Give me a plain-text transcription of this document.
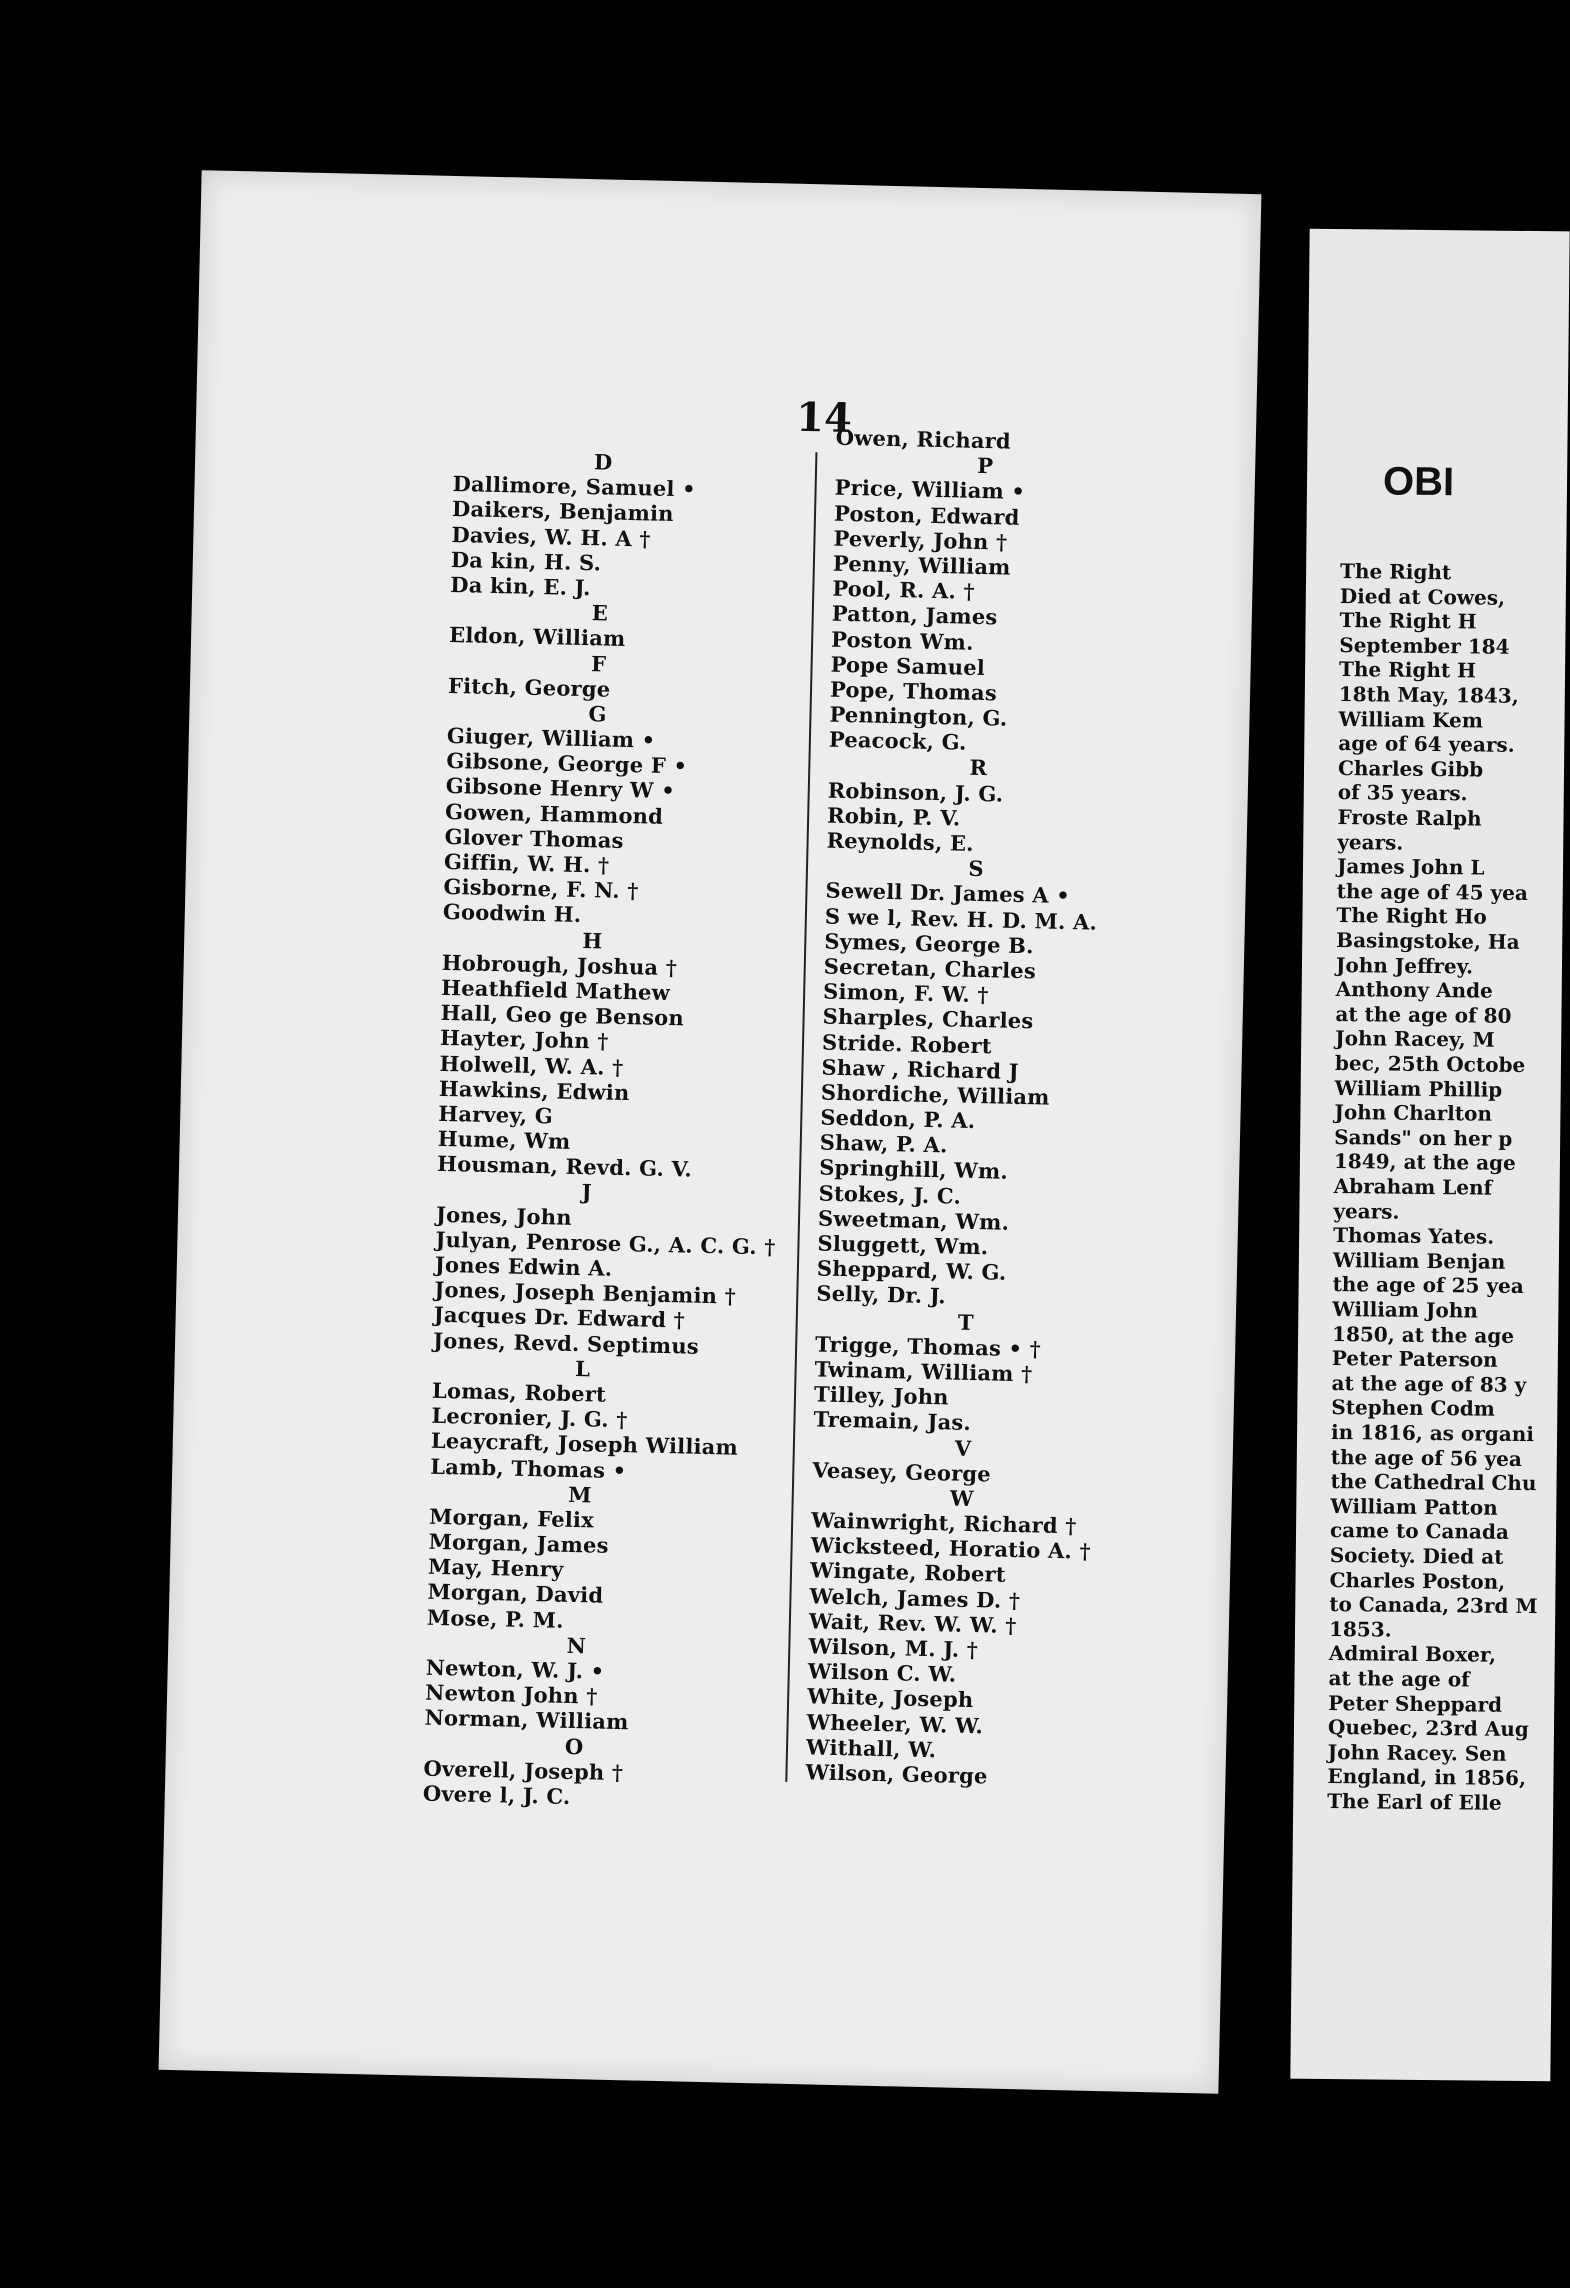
OBI
The Right
Died at Cowes,
The Right H
September 184
The Right H
18th May, 1843,
William Kem
age of 64 years.
Charles Gibb
of 35 years.
Froste Ralph
years.
James John L
the age of 45 yea
The Right Ho
Basingstoke, Ha
John Jeffrey.
Anthony Ande
at the age of 80
John Racey, M
bec, 25th Octobe
William Phillip
John Charlton
Sands" on her p
1849, at the age
Abraham Lenf
years.
Thomas Yates.
William Benjan
the age of 25 yea
William John
1850, at the age
Peter Paterson
at the age of 83 y
Stephen Codm
in 1816, as organi
the age of 56 yea
the Cathedral Chu
William Patton
came to Canada
Society. Died at
Charles Poston,
to Canada, 23rd M
1853.
Admiral Boxer,
at the age of
Peter Sheppard
Quebec, 23rd Aug
John Racey. Sen
England, in 1856,
The Earl of Elle
14
D
Dallimore, Samuel •
Daikers, Benjamin
Davies, W. H. A †
Da kin, H. S.
Da kin, E. J.
E
Eldon, William
F
Fitch, George
G
Giuger, William •
Gibsone, George F •
Gibsone Henry W •
Gowen, Hammond
Glover Thomas
Giffin, W. H. †
Gisborne, F. N. †
Goodwin H.
H
Hobrough, Joshua †
Heathfield Mathew
Hall, Geo ge Benson
Hayter, John †
Holwell, W. A. †
Hawkins, Edwin
Harvey, G
Hume, Wm
Housman, Revd. G. V.
J
Jones, John
Julyan, Penrose G., A. C. G. †
Jones Edwin A.
Jones, Joseph Benjamin †
Jacques Dr. Edward †
Jones, Revd. Septimus
L
Lomas, Robert
Lecronier, J. G. †
Leaycraft, Joseph William
Lamb, Thomas •
M
Morgan, Felix
Morgan, James
May, Henry
Morgan, David
Mose, P. M.
N
Newton, W. J. •
Newton John †
Norman, William
O
Overell, Joseph †
Overe l, J. C.
Owen, Richard
P
Price, William •
Poston, Edward
Peverly, John †
Penny, William
Pool, R. A. †
Patton, James
Poston Wm.
Pope Samuel
Pope, Thomas
Pennington, G.
Peacock, G.
R
Robinson, J. G.
Robin, P. V.
Reynolds, E.
S
Sewell Dr. James A •
S we l, Rev. H. D. M. A.
Symes, George B.
Secretan, Charles
Simon, F. W. †
Sharples, Charles
Stride. Robert
Shaw , Richard J
Shordiche, William
Seddon, P. A.
Shaw, P. A.
Springhill, Wm.
Stokes, J. C.
Sweetman, Wm.
Sluggett, Wm.
Sheppard, W. G.
Selly, Dr. J.
T
Trigge, Thomas • †
Twinam, William †
Tilley, John
Tremain, Jas.
V
Veasey, George
W
Wainwright, Richard †
Wicksteed, Horatio A. †
Wingate, Robert
Welch, James D. †
Wait, Rev. W. W. †
Wilson, M. J. †
Wilson C. W.
White, Joseph
Wheeler, W. W.
Withall, W.
Wilson, George
